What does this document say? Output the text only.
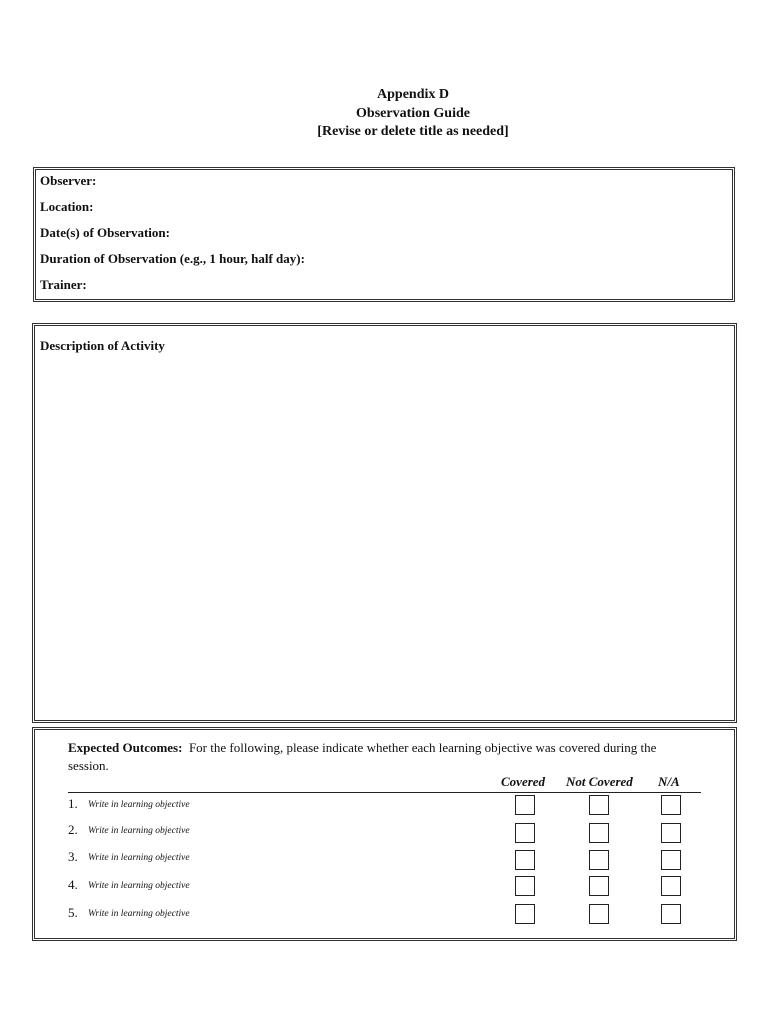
Appendix D
Observation Guide
[Revise or delete title as needed]
Observer:
Location:
Date(s) of Observation:
Duration of Observation (e.g., 1 hour, half day):
Trainer:
Description of Activity
Expected Outcomes: For the following, please indicate whether each learning objective was covered during the session.
Covered Not Covered N/A
1. Write in learning objective
2. Write in learning objective
3. Write in learning objective
4. Write in learning objective
5. Write in learning objective
